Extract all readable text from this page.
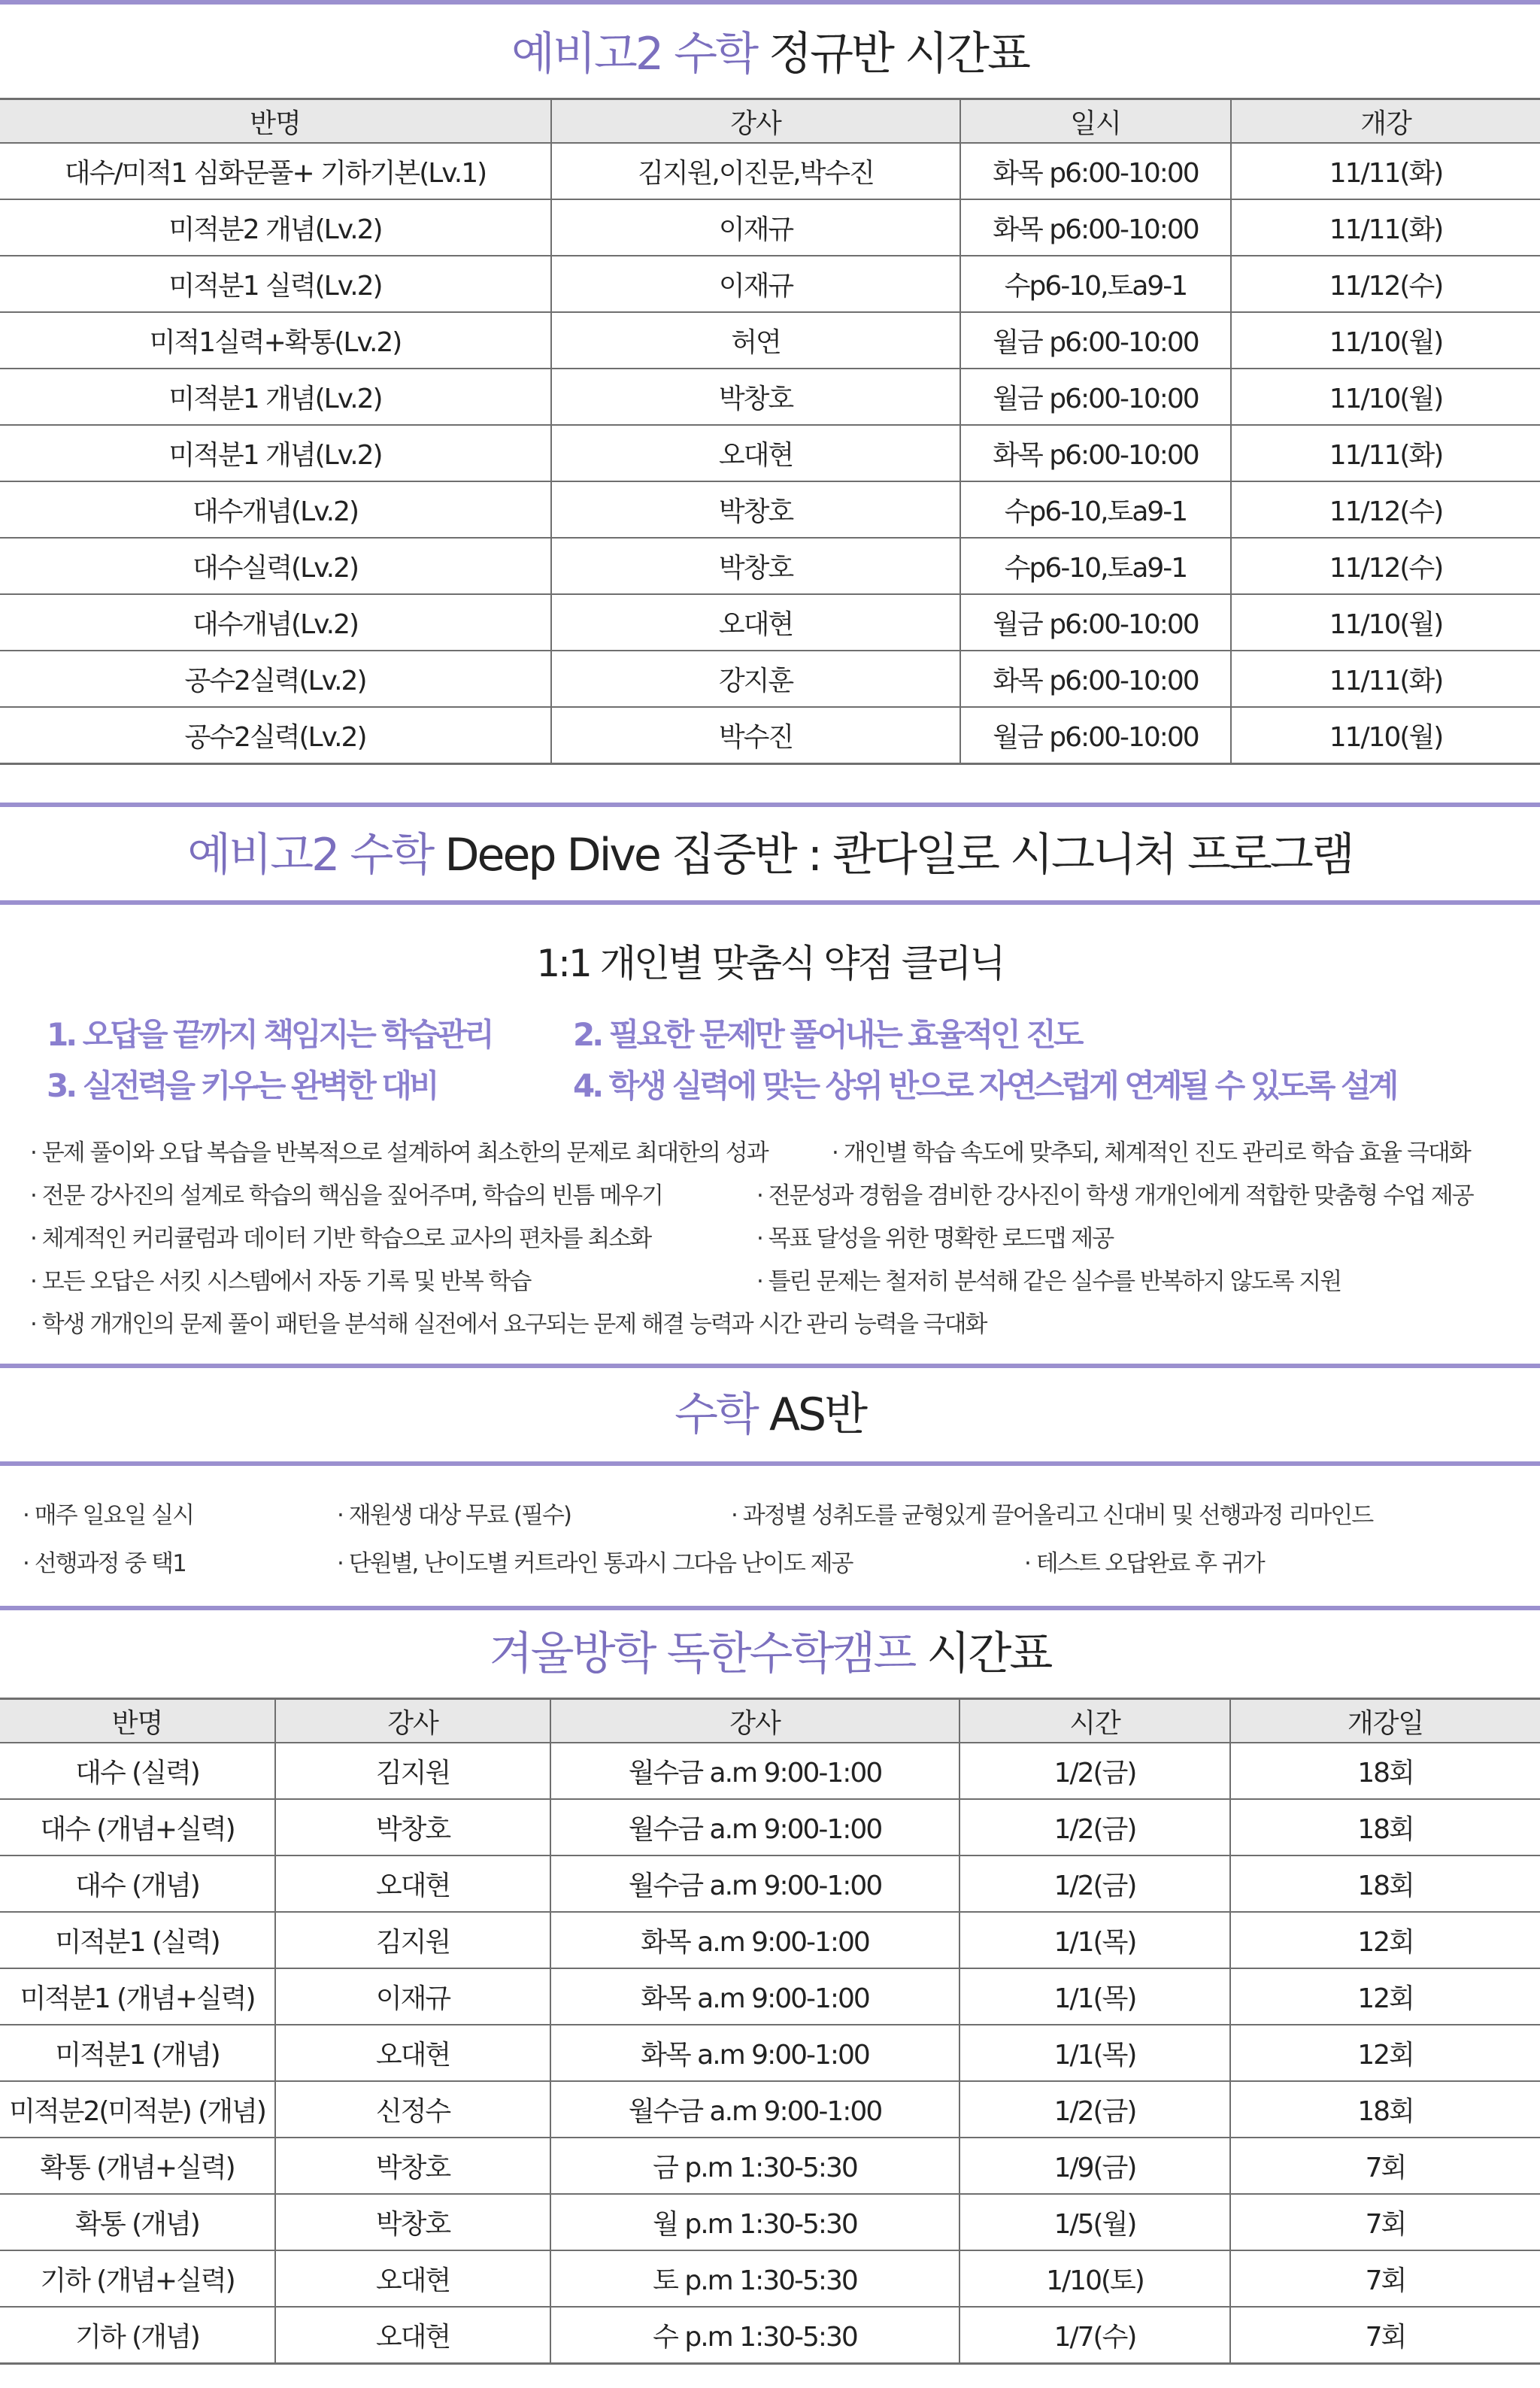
예비고2 수학 정규반 시간표
반명	강사	일시	개강
대수/미적1 심화문풀+ 기하기본(Lv.1)	김지원,이진문,박수진	화목 p6:00-10:00	11/11(화)
미적분2 개념(Lv.2)	이재규	화목 p6:00-10:00	11/11(화)
미적분1 실력(Lv.2)	이재규	수p6-10,토a9-1	11/12(수)
미적1실력+확통(Lv.2)	허연	월금 p6:00-10:00	11/10(월)
미적분1 개념(Lv.2)	박창호	월금 p6:00-10:00	11/10(월)
미적분1 개념(Lv.2)	오대현	화목 p6:00-10:00	11/11(화)
대수개념(Lv.2)	박창호	수p6-10,토a9-1	11/12(수)
대수실력(Lv.2)	박창호	수p6-10,토a9-1	11/12(수)
대수개념(Lv.2)	오대현	월금 p6:00-10:00	11/10(월)
공수2실력(Lv.2)	강지훈	화목 p6:00-10:00	11/11(화)
공수2실력(Lv.2)	박수진	월금 p6:00-10:00	11/10(월)
예비고2 수학 Deep Dive 집중반 : 콴다일로 시그니처 프로그램
1:1 개인별 맞춤식 약점 클리닉
1. 오답을 끝까지 책임지는 학습관리	2. 필요한 문제만 풀어내는 효율적인 진도
3. 실전력을 키우는 완벽한 대비	4. 학생 실력에 맞는 상위 반으로 자연스럽게 연계될 수 있도록 설계
· 문제 풀이와 오답 복습을 반복적으로 설계하여 최소한의 문제로 최대한의 성과	· 개인별 학습 속도에 맞추되, 체계적인 진도 관리로 학습 효율 극대화
· 전문 강사진의 설계로 학습의 핵심을 짚어주며, 학습의 빈틈 메우기	· 전문성과 경험을 겸비한 강사진이 학생 개개인에게 적합한 맞춤형 수업 제공
· 체계적인 커리큘럼과 데이터 기반 학습으로 교사의 편차를 최소화	· 목표 달성을 위한 명확한 로드맵 제공
· 모든 오답은 서킷 시스템에서 자동 기록 및 반복 학습	· 틀린 문제는 철저히 분석해 같은 실수를 반복하지 않도록 지원
· 학생 개개인의 문제 풀이 패턴을 분석해 실전에서 요구되는 문제 해결 능력과 시간 관리 능력을 극대화
수학 AS반
· 매주 일요일 실시	· 재원생 대상 무료 (필수)	· 과정별 성취도를 균형있게 끌어올리고 신대비 및 선행과정 리마인드
· 선행과정 중 택1	· 단원별, 난이도별 커트라인 통과시 그다음 난이도 제공	· 테스트 오답완료 후 귀가
겨울방학 독한수학캠프 시간표
반명	강사	강사	시간	개강일
대수 (실력)	김지원	월수금 a.m 9:00-1:00	1/2(금)	18회
대수 (개념+실력)	박창호	월수금 a.m 9:00-1:00	1/2(금)	18회
대수 (개념)	오대현	월수금 a.m 9:00-1:00	1/2(금)	18회
미적분1 (실력)	김지원	화목 a.m 9:00-1:00	1/1(목)	12회
미적분1 (개념+실력)	이재규	화목 a.m 9:00-1:00	1/1(목)	12회
미적분1 (개념)	오대현	화목 a.m 9:00-1:00	1/1(목)	12회
미적분2(미적분) (개념)	신정수	월수금 a.m 9:00-1:00	1/2(금)	18회
확통 (개념+실력)	박창호	금 p.m 1:30-5:30	1/9(금)	7회
확통 (개념)	박창호	월 p.m 1:30-5:30	1/5(월)	7회
기하 (개념+실력)	오대현	토 p.m 1:30-5:30	1/10(토)	7회
기하 (개념)	오대현	수 p.m 1:30-5:30	1/7(수)	7회
